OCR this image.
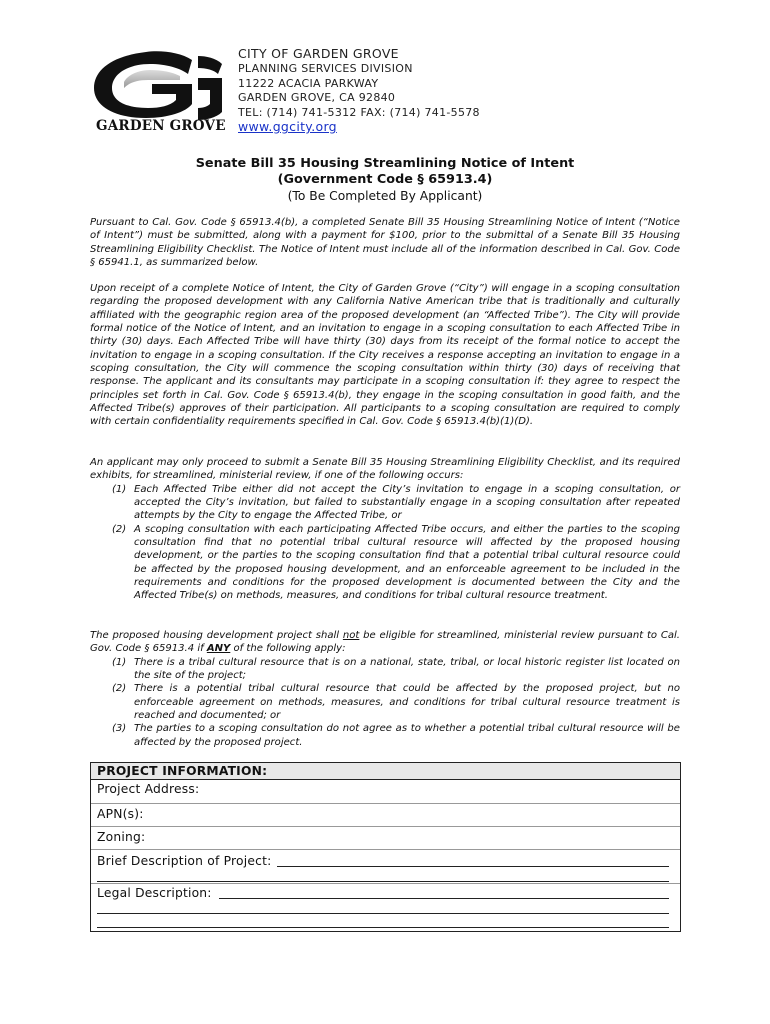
GARDEN GROVE
CITY OF GARDEN GROVE
PLANNING SERVICES DIVISION
11222 ACACIA PARKWAY
GARDEN GROVE, CA 92840
TEL: (714) 741-5312 FAX: (714) 741-5578
www.ggcity.org
Senate Bill 35 Housing Streamlining Notice of Intent
(Government Code § 65913.4)
(To Be Completed By Applicant)

Pursuant to Cal. Gov. Code § 65913.4(b), a completed Senate Bill 35 Housing Streamlining Notice of Intent (“Notice of Intent”) must be submitted, along with a payment for $100, prior to the submittal of a Senate Bill 35 Housing Streamlining Eligibility Checklist. The Notice of Intent must include all of the information described in Cal. Gov. Code § 65941.1, as summarized below.

Upon receipt of a complete Notice of Intent, the City of Garden Grove (“City”) will engage in a scoping consultation regarding the proposed development with any California Native American tribe that is traditionally and culturally affiliated with the geographic region area of the proposed development (an “Affected Tribe”). The City will provide formal notice of the Notice of Intent, and an invitation to engage in a scoping consultation to each Affected Tribe in thirty (30) days. Each Affected Tribe will have thirty (30) days from its receipt of the formal notice to accept the invitation to engage in a scoping consultation. If the City receives a response accepting an invitation to engage in a scoping consultation, the City will commence the scoping consultation within thirty (30) days of receiving that response. The applicant and its consultants may participate in a scoping consultation if: they agree to respect the principles set forth in Cal. Gov. Code § 65913.4(b), they engage in the scoping consultation in good faith, and the Affected Tribe(s) approves of their participation. All participants to a scoping consultation are required to comply with certain confidentiality requirements specified in Cal. Gov. Code § 65913.4(b)(1)(D).

An applicant may only proceed to submit a Senate Bill 35 Housing Streamlining Eligibility Checklist, and its required exhibits, for streamlined, ministerial review, if one of the following occurs:

(1) Each Affected Tribe either did not accept the City’s invitation to engage in a scoping consultation, or accepted the City’s invitation, but failed to substantially engage in a scoping consultation after repeated attempts by the City to engage the Affected Tribe, or
(2) A scoping consultation with each participating Affected Tribe occurs, and either the parties to the scoping consultation find that no potential tribal cultural resource will affected by the proposed housing development, or the parties to the scoping consultation find that a potential tribal cultural resource could be affected by the proposed housing development, and an enforceable agreement to be included in the requirements and conditions for the proposed development is documented between the City and the Affected Tribe(s) on methods, measures, and conditions for tribal cultural resource treatment.

The proposed housing development project shall not be eligible for streamlined, ministerial review pursuant to Cal. Gov. Code § 65913.4 if ANY of the following apply:

(1) There is a tribal cultural resource that is on a national, state, tribal, or local historic register list located on the site of the project;
(2) There is a potential tribal cultural resource that could be affected by the proposed project, but no enforceable agreement on methods, measures, and conditions for tribal cultural resource treatment is reached and documented; or
(3) The parties to a scoping consultation do not agree as to whether a potential tribal cultural resource will be affected by the proposed project.
PROJECT INFORMATION:
Project Address:
APN(s):
Zoning:
Brief Description of Project:
Legal Description:
